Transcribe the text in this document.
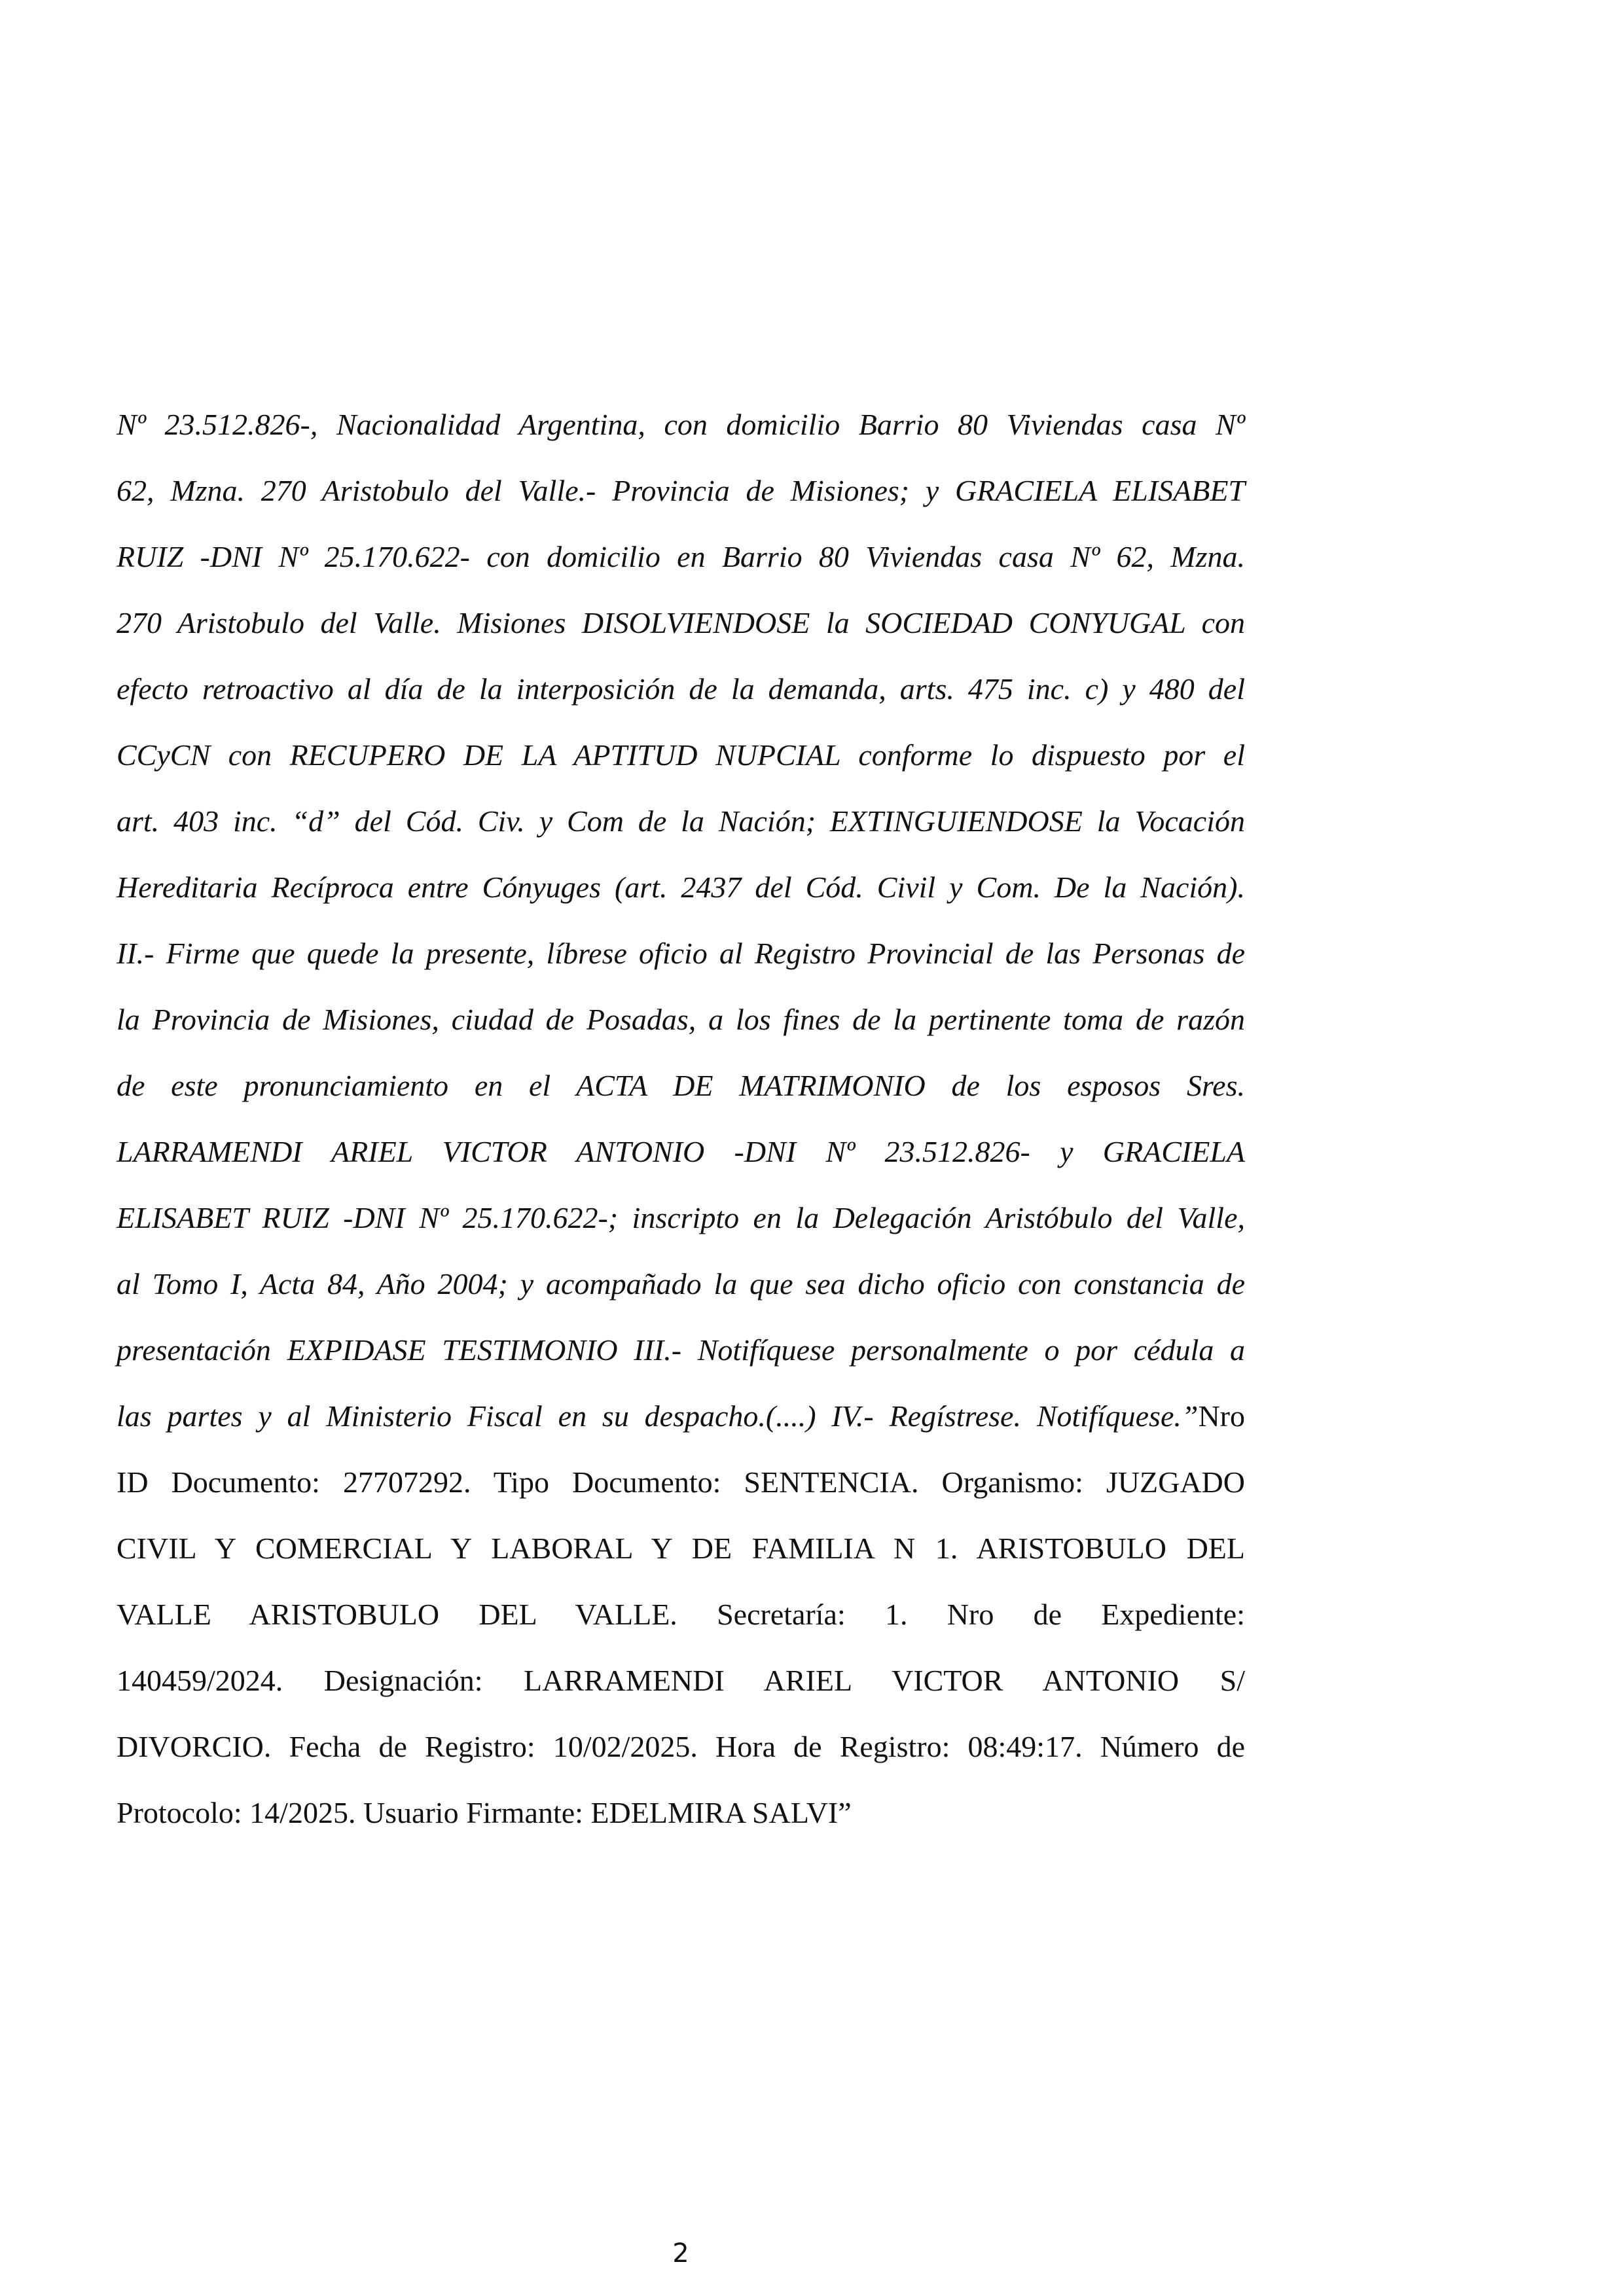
Nº 23.512.826-, Nacionalidad Argentina, con domicilio Barrio 80 Viviendas casa Nº
62, Mzna. 270 Aristobulo del Valle.- Provincia de Misiones; y GRACIELA ELISABET
RUIZ -DNI Nº 25.170.622- con domicilio en Barrio 80 Viviendas casa Nº 62, Mzna.
270 Aristobulo del Valle. Misiones DISOLVIENDOSE la SOCIEDAD CONYUGAL con
efecto retroactivo al día de la interposición de la demanda, arts. 475 inc. c) y 480 del
CCyCN con RECUPERO DE LA APTITUD NUPCIAL conforme lo dispuesto por el
art. 403 inc. “d” del Cód. Civ. y Com de la Nación; EXTINGUIENDOSE la Vocación
Hereditaria Recíproca entre Cónyuges (art. 2437 del Cód. Civil y Com. De la Nación).
II.- Firme que quede la presente, líbrese oficio al Registro Provincial de las Personas de
la Provincia de Misiones, ciudad de Posadas, a los fines de la pertinente toma de razón
de este pronunciamiento en el ACTA DE MATRIMONIO de los esposos Sres.
LARRAMENDI ARIEL VICTOR ANTONIO -DNI Nº 23.512.826- y GRACIELA
ELISABET RUIZ -DNI Nº 25.170.622-; inscripto en la Delegación Aristóbulo del Valle,
al Tomo I, Acta 84, Año 2004; y acompañado la que sea dicho oficio con constancia de
presentación EXPIDASE TESTIMONIO III.- Notifíquese personalmente o por cédula a
las partes y al Ministerio Fiscal en su despacho.(....) IV.- Regístrese. Notifíquese.”Nro
ID Documento: 27707292. Tipo Documento: SENTENCIA. Organismo: JUZGADO
CIVIL Y COMERCIAL Y LABORAL Y DE FAMILIA N 1. ARISTOBULO DEL
VALLE ARISTOBULO DEL VALLE. Secretaría: 1. Nro de Expediente:
140459/2024. Designación: LARRAMENDI ARIEL VICTOR ANTONIO S/
DIVORCIO. Fecha de Registro: 10/02/2025. Hora de Registro: 08:49:17. Número de
Protocolo: 14/2025. Usuario Firmante: EDELMIRA SALVI”
2
